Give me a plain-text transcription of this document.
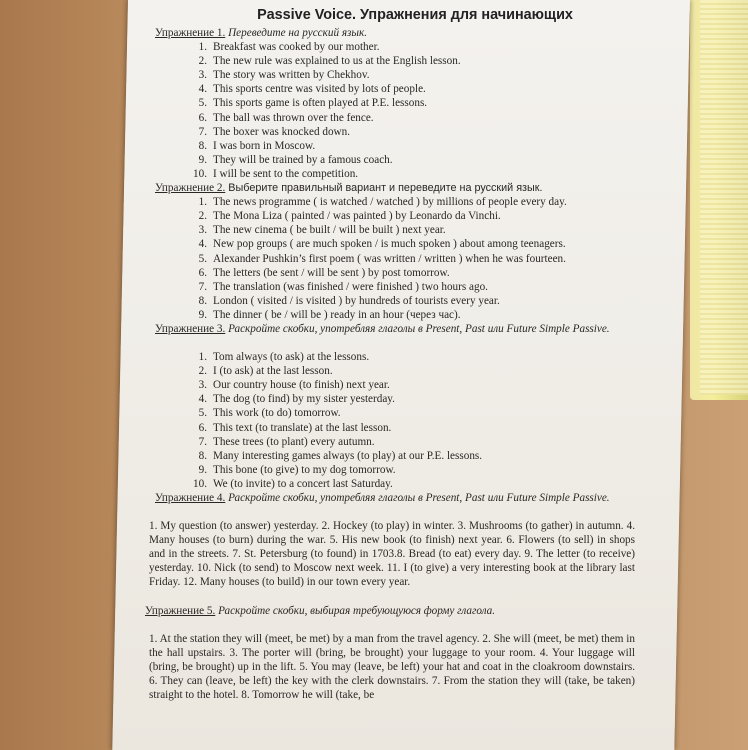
Passive Voice. Упражнения для начинающих

Упражнение 1. Переведите на русский язык.

1. Breakfast was cooked by our mother.
2. The new rule was explained to us at the English lesson.
3. The story was written by Chekhov.
4. This sports centre was visited by lots of people.
5. This sports game is often played at P.E. lessons.
6. The ball was thrown over the fence.
7. The boxer was knocked down.
8. I was born in Moscow.
9. They will be trained by a famous coach.
10. I will be sent to the competition.

Упражнение 2. Выберите правильный вариант и переведите на русский язык.

1. The news programme ( is watched / watched ) by millions of people every day.
2. The Mona Liza ( painted / was painted ) by Leonardo da Vinchi.
3. The new cinema ( be built / will be built ) next year.
4. New pop groups ( are much spoken / is much spoken ) about among teenagers.
5. Alexander Pushkin’s first poem ( was written / written ) when he was fourteen.
6. The letters (be sent / will be sent ) by post tomorrow.
7. The translation (was finished / were finished ) two hours ago.
8. London ( visited / is visited ) by hundreds of tourists every year.
9. The dinner ( be / will be ) ready in an hour (через час).

Упражнение 3. Раскройте скобки, употребляя глаголы в Present, Past или Future Simple Passive.

1. Tom always (to ask) at the lessons.
2. I (to ask) at the last lesson.
3. Our country house (to finish) next year.
4. The dog (to find) by my sister yesterday.
5. This work (to do) tomorrow.
6. This text (to translate) at the last lesson.
7. These trees (to plant) every autumn.
8. Many interesting games always (to play) at our P.E. lessons.
9. This bone (to give) to my dog tomorrow.
10. We (to invite) to a concert last Saturday.

Упражнение 4. Раскройте скобки, употребляя глаголы в Present, Past или Future Simple Passive.

1. My question (to answer) yesterday. 2. Hockey (to play) in winter. 3. Mushrooms (to gather) in autumn. 4. Many houses (to burn) during the war. 5. His new book (to finish) next year. 6. Flowers (to sell) in shops and in the streets. 7. St. Petersburg (to found) in 1703.8. Bread (to eat) every day. 9. The letter (to receive) yesterday. 10. Nick (to send) to Moscow next week. 11. I (to give) a very interesting book at the library last Friday. 12. Many houses (to build) in our town every year.

Упражнение 5. Раскройте скобки, выбирая требующуюся форму глагола.

1. At the station they will (meet, be met) by a man from the travel agency. 2. She will (meet, be met) them in the hall upstairs. 3. The porter will (bring, be brought) your luggage to your room. 4. Your luggage will (bring, be brought) up in the lift. 5. You may (leave, be left) your hat and coat in the cloakroom downstairs. 6. They can (leave, be left) the key with the clerk downstairs. 7. From the station they will (take, be taken) straight to the hotel. 8. Tomorrow he will (take, be
